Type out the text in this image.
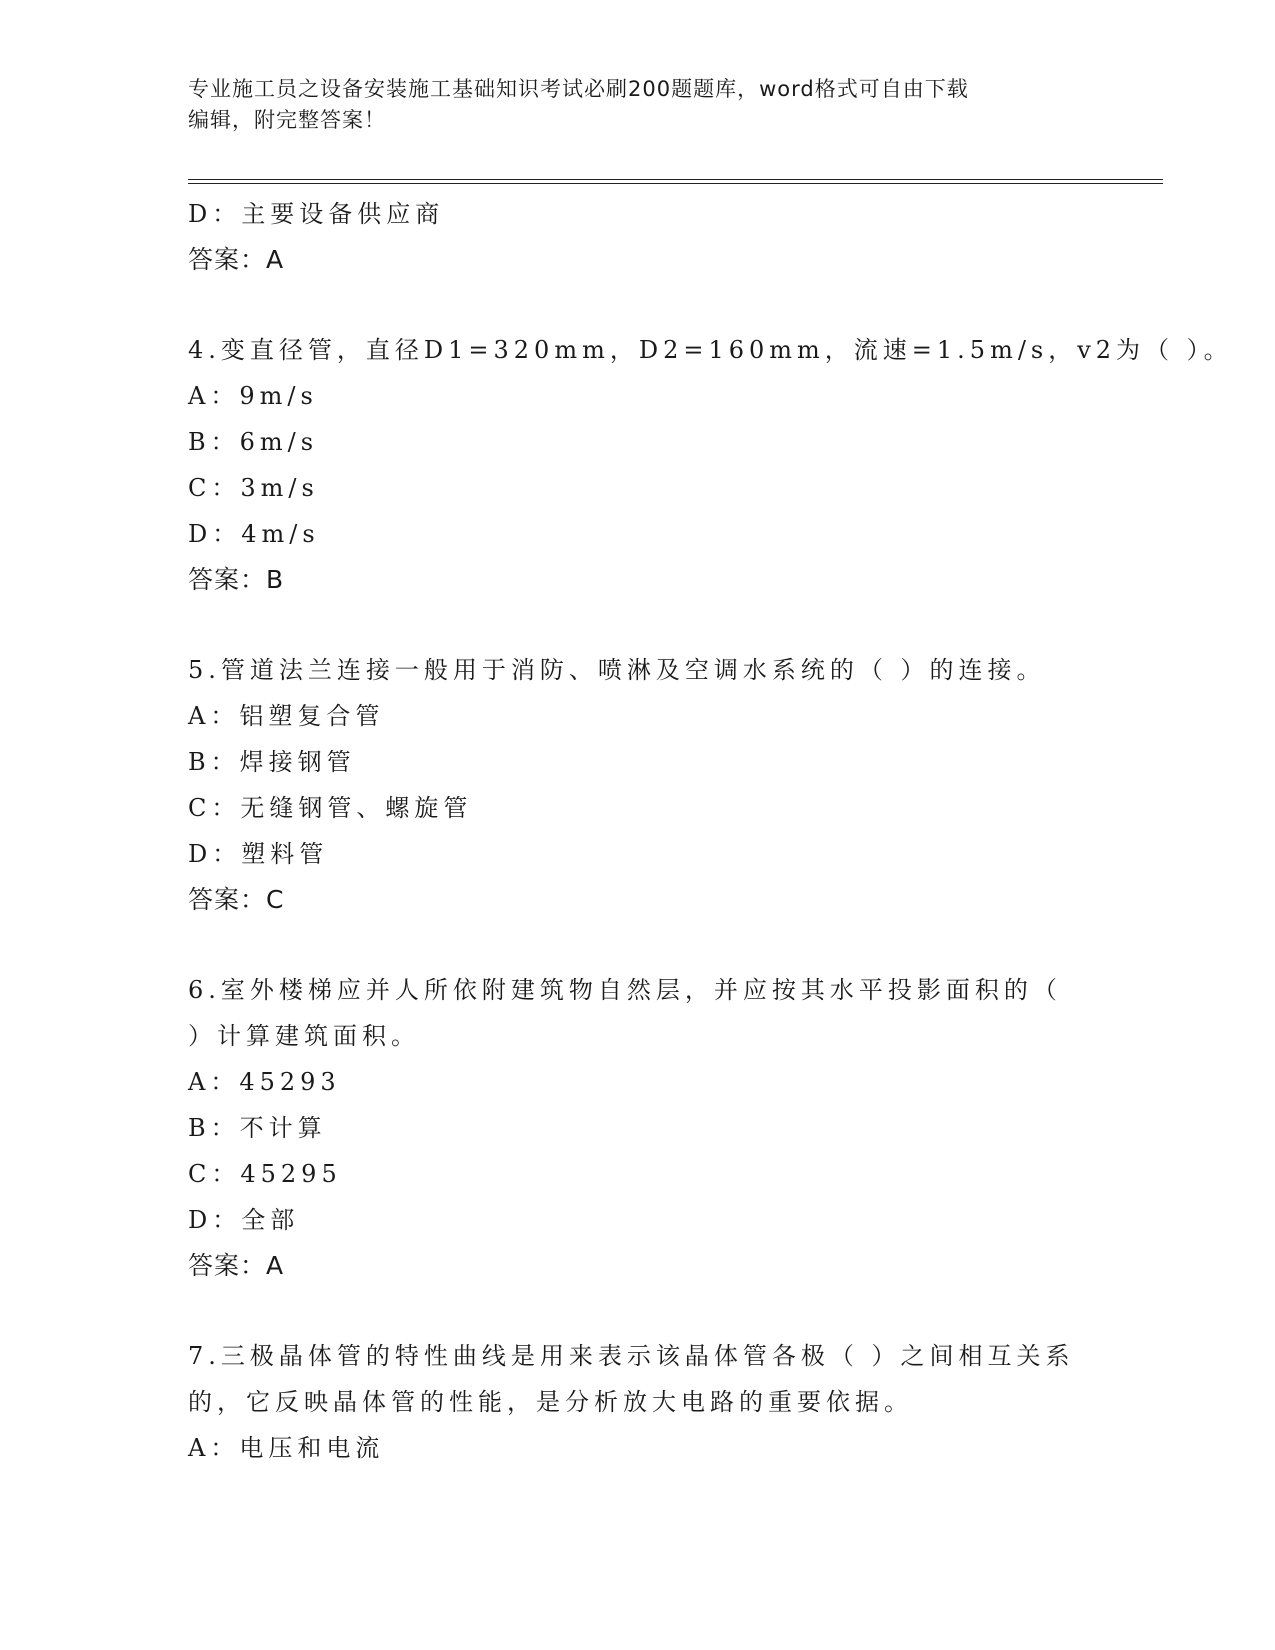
专业施工员之设备安装施工基础知识考试必刷200题题库，word格式可自由下载
编辑，附完整答案！
D：主要设备供应商
答案：A
4.变直径管，直径D1=320mm，D2=160mm，流速=1.5m/s，v2为（ ）。
A：9m/s
B：6m/s
C：3m/s
D：4m/s
答案：B
5.管道法兰连接一般用于消防、喷淋及空调水系统的（ ）的连接。
A：铝塑复合管
B：焊接钢管
C：无缝钢管、螺旋管
D：塑料管
答案：C
6.室外楼梯应并人所依附建筑物自然层，并应按其水平投影面积的（
）计算建筑面积。
A：45293
B：不计算
C：45295
D：全部
答案：A
7.三极晶体管的特性曲线是用来表示该晶体管各极（ ）之间相互关系
的，它反映晶体管的性能，是分析放大电路的重要依据。
A：电压和电流
